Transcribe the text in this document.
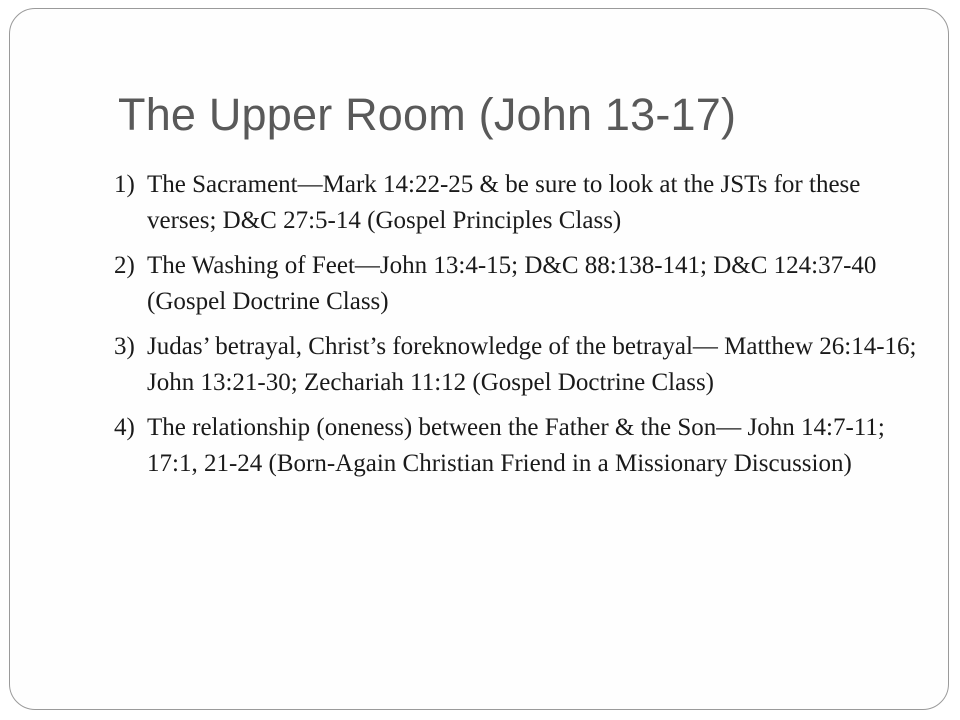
The Upper Room (John 13-17)
1) The Sacrament—Mark 14:22-25 & be sure to look at the JSTs for these verses; D&C 27:5-14 (Gospel Principles Class)
2) The Washing of Feet—John 13:4-15; D&C 88:138-141; D&C 124:37-40 (Gospel Doctrine Class)
3) Judas’ betrayal, Christ’s foreknowledge of the betrayal— Matthew 26:14-16; John 13:21-30; Zechariah 11:12 (Gospel Doctrine Class)
4) The relationship (oneness) between the Father & the Son— John 14:7-11; 17:1, 21-24 (Born-Again Christian Friend in a Missionary Discussion)
